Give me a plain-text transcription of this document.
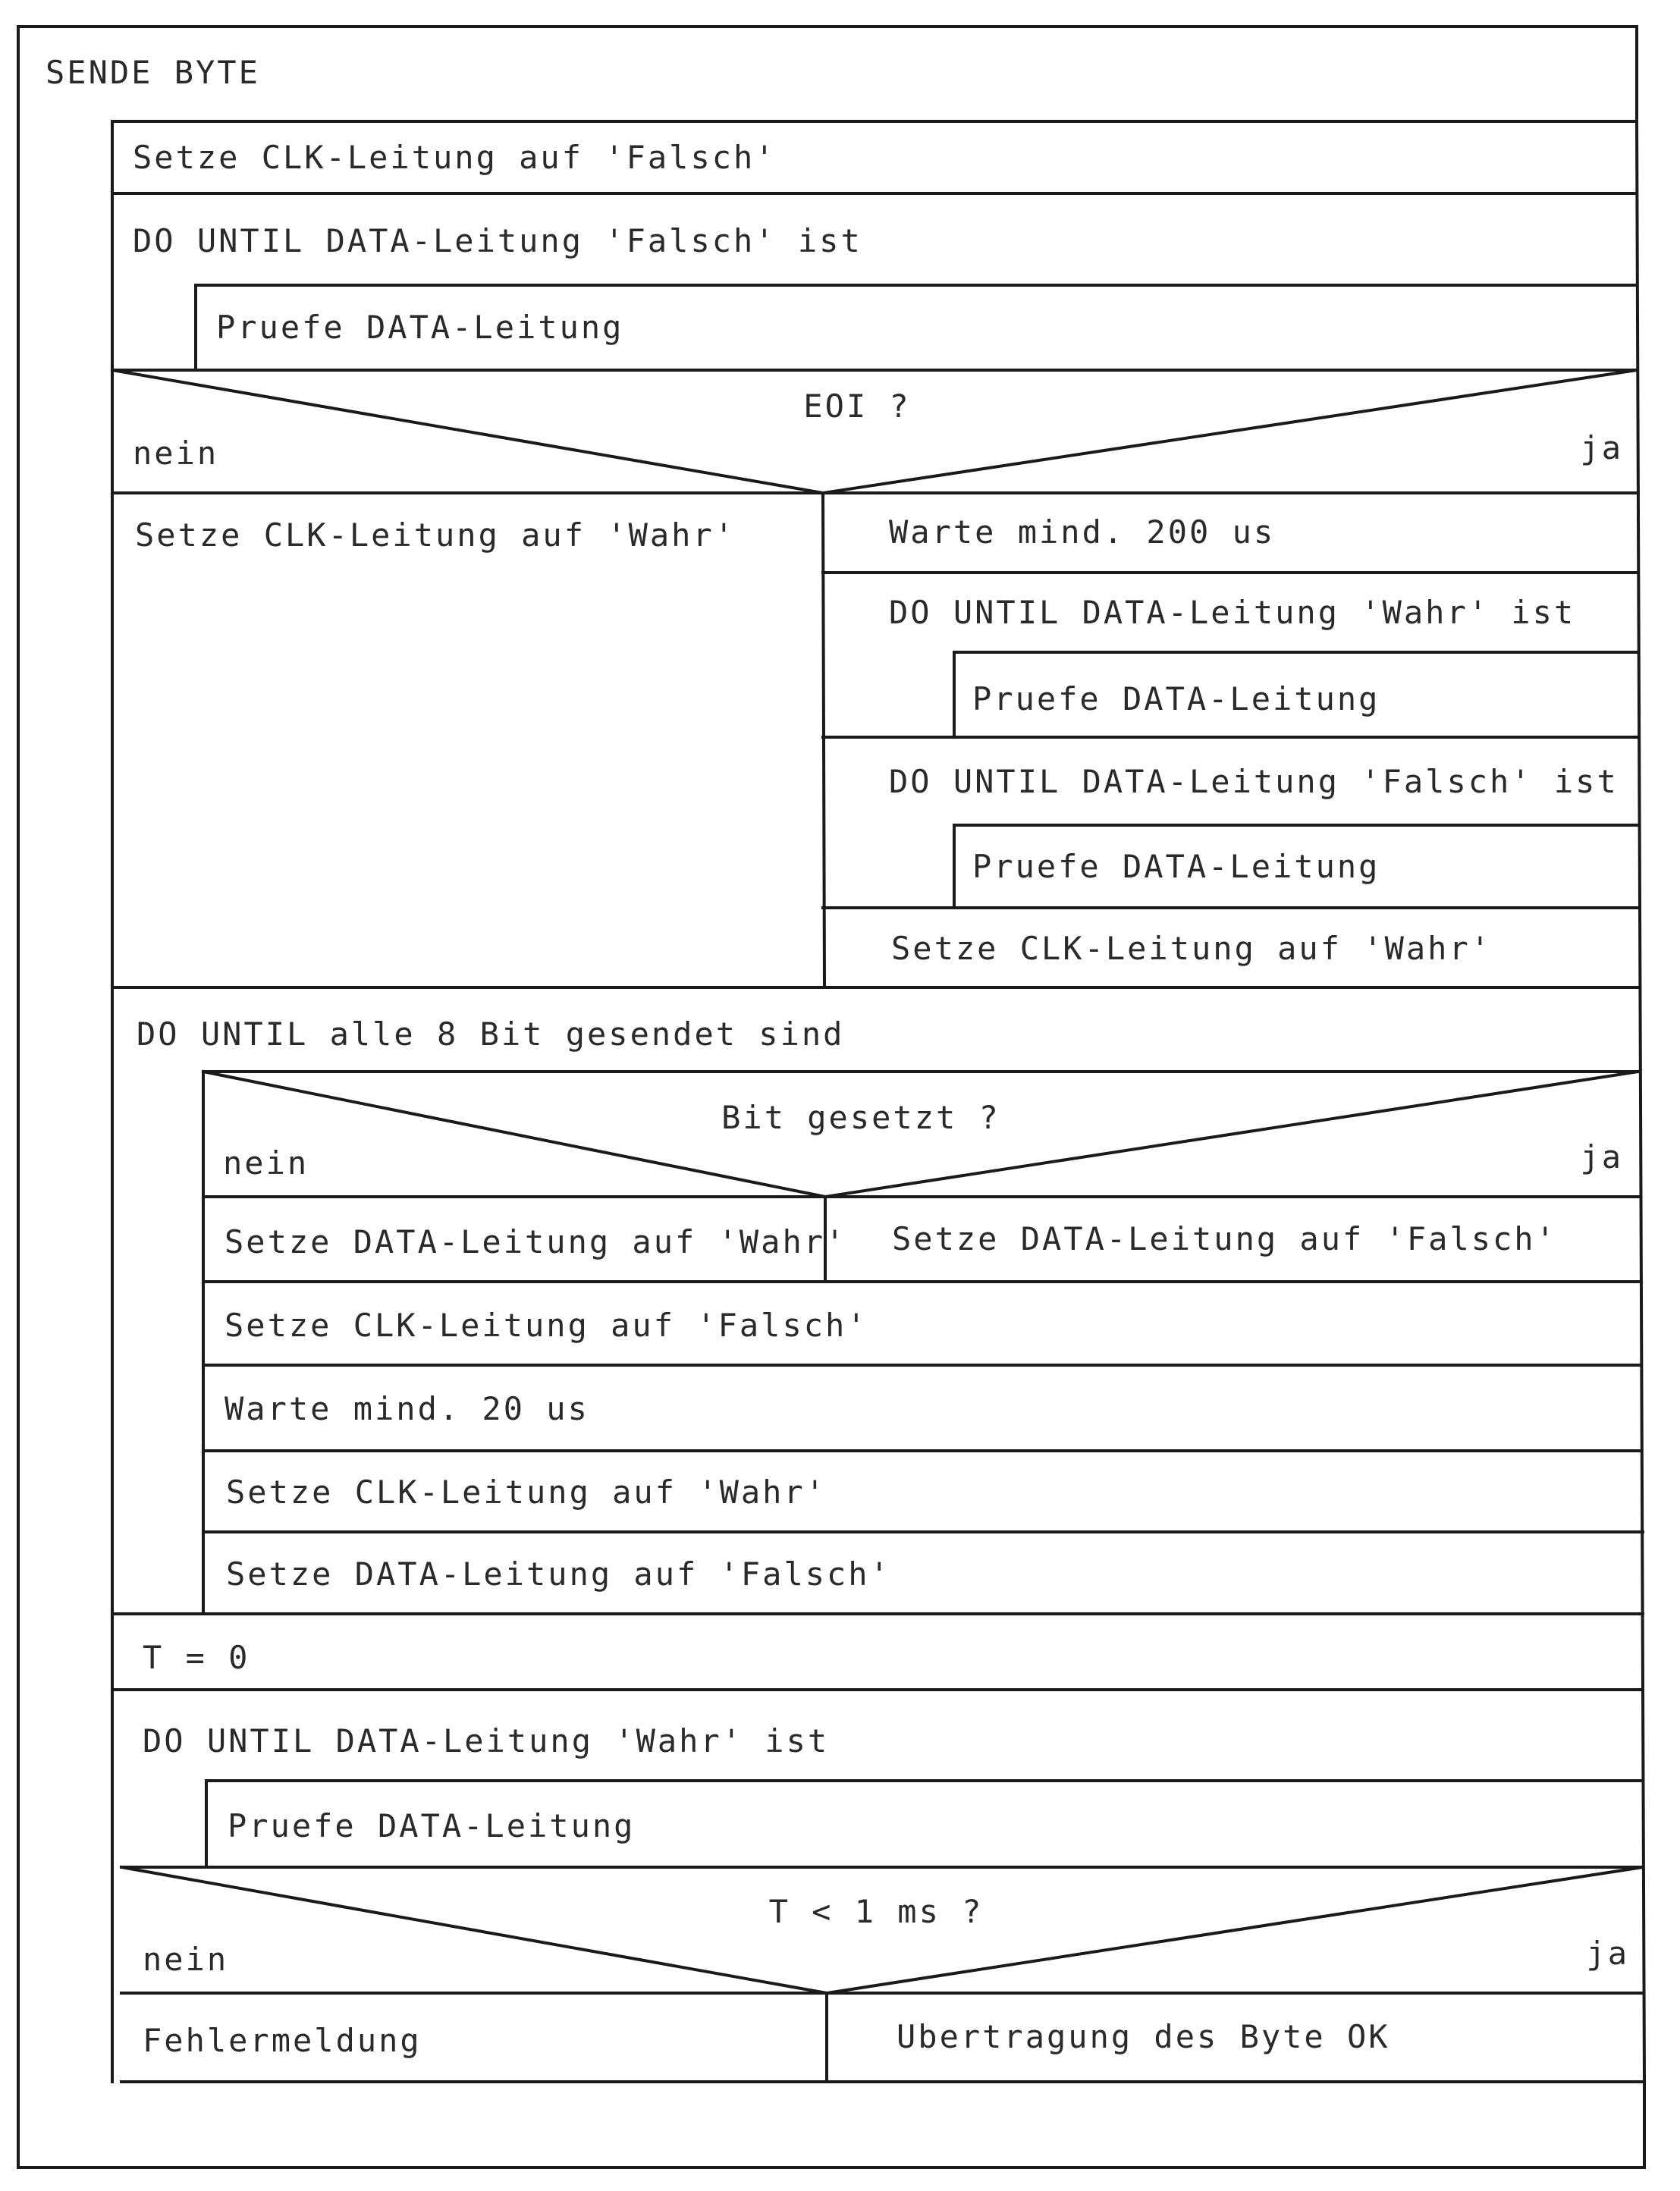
SENDE BYTE
Setze CLK-Leitung auf 'Falsch'
DO UNTIL DATA-Leitung 'Falsch' ist
Pruefe DATA-Leitung
EOI ?
nein	ja
Setze CLK-Leitung auf 'Wahr'	Warte mind. 200 us
DO UNTIL DATA-Leitung 'Wahr' ist
Pruefe DATA-Leitung
DO UNTIL DATA-Leitung 'Falsch' ist
Pruefe DATA-Leitung
Setze CLK-Leitung auf 'Wahr'
DO UNTIL alle 8 Bit gesendet sind
Bit gesetzt ?
nein	ja
Setze DATA-Leitung auf 'Wahr' Setze DATA-Leitung auf 'Falsch'
Setze CLK-Leitung auf 'Falsch'
Warte mind. 20 us
Setze CLK-Leitung auf 'Wahr'
Setze DATA-Leitung auf 'Falsch'
T = 0
DO UNTIL DATA-Leitung 'Wahr' ist
Pruefe DATA-Leitung
T < 1 ms ?
nein	ja
Fehlermeldung	Ubertragung des Byte OK
